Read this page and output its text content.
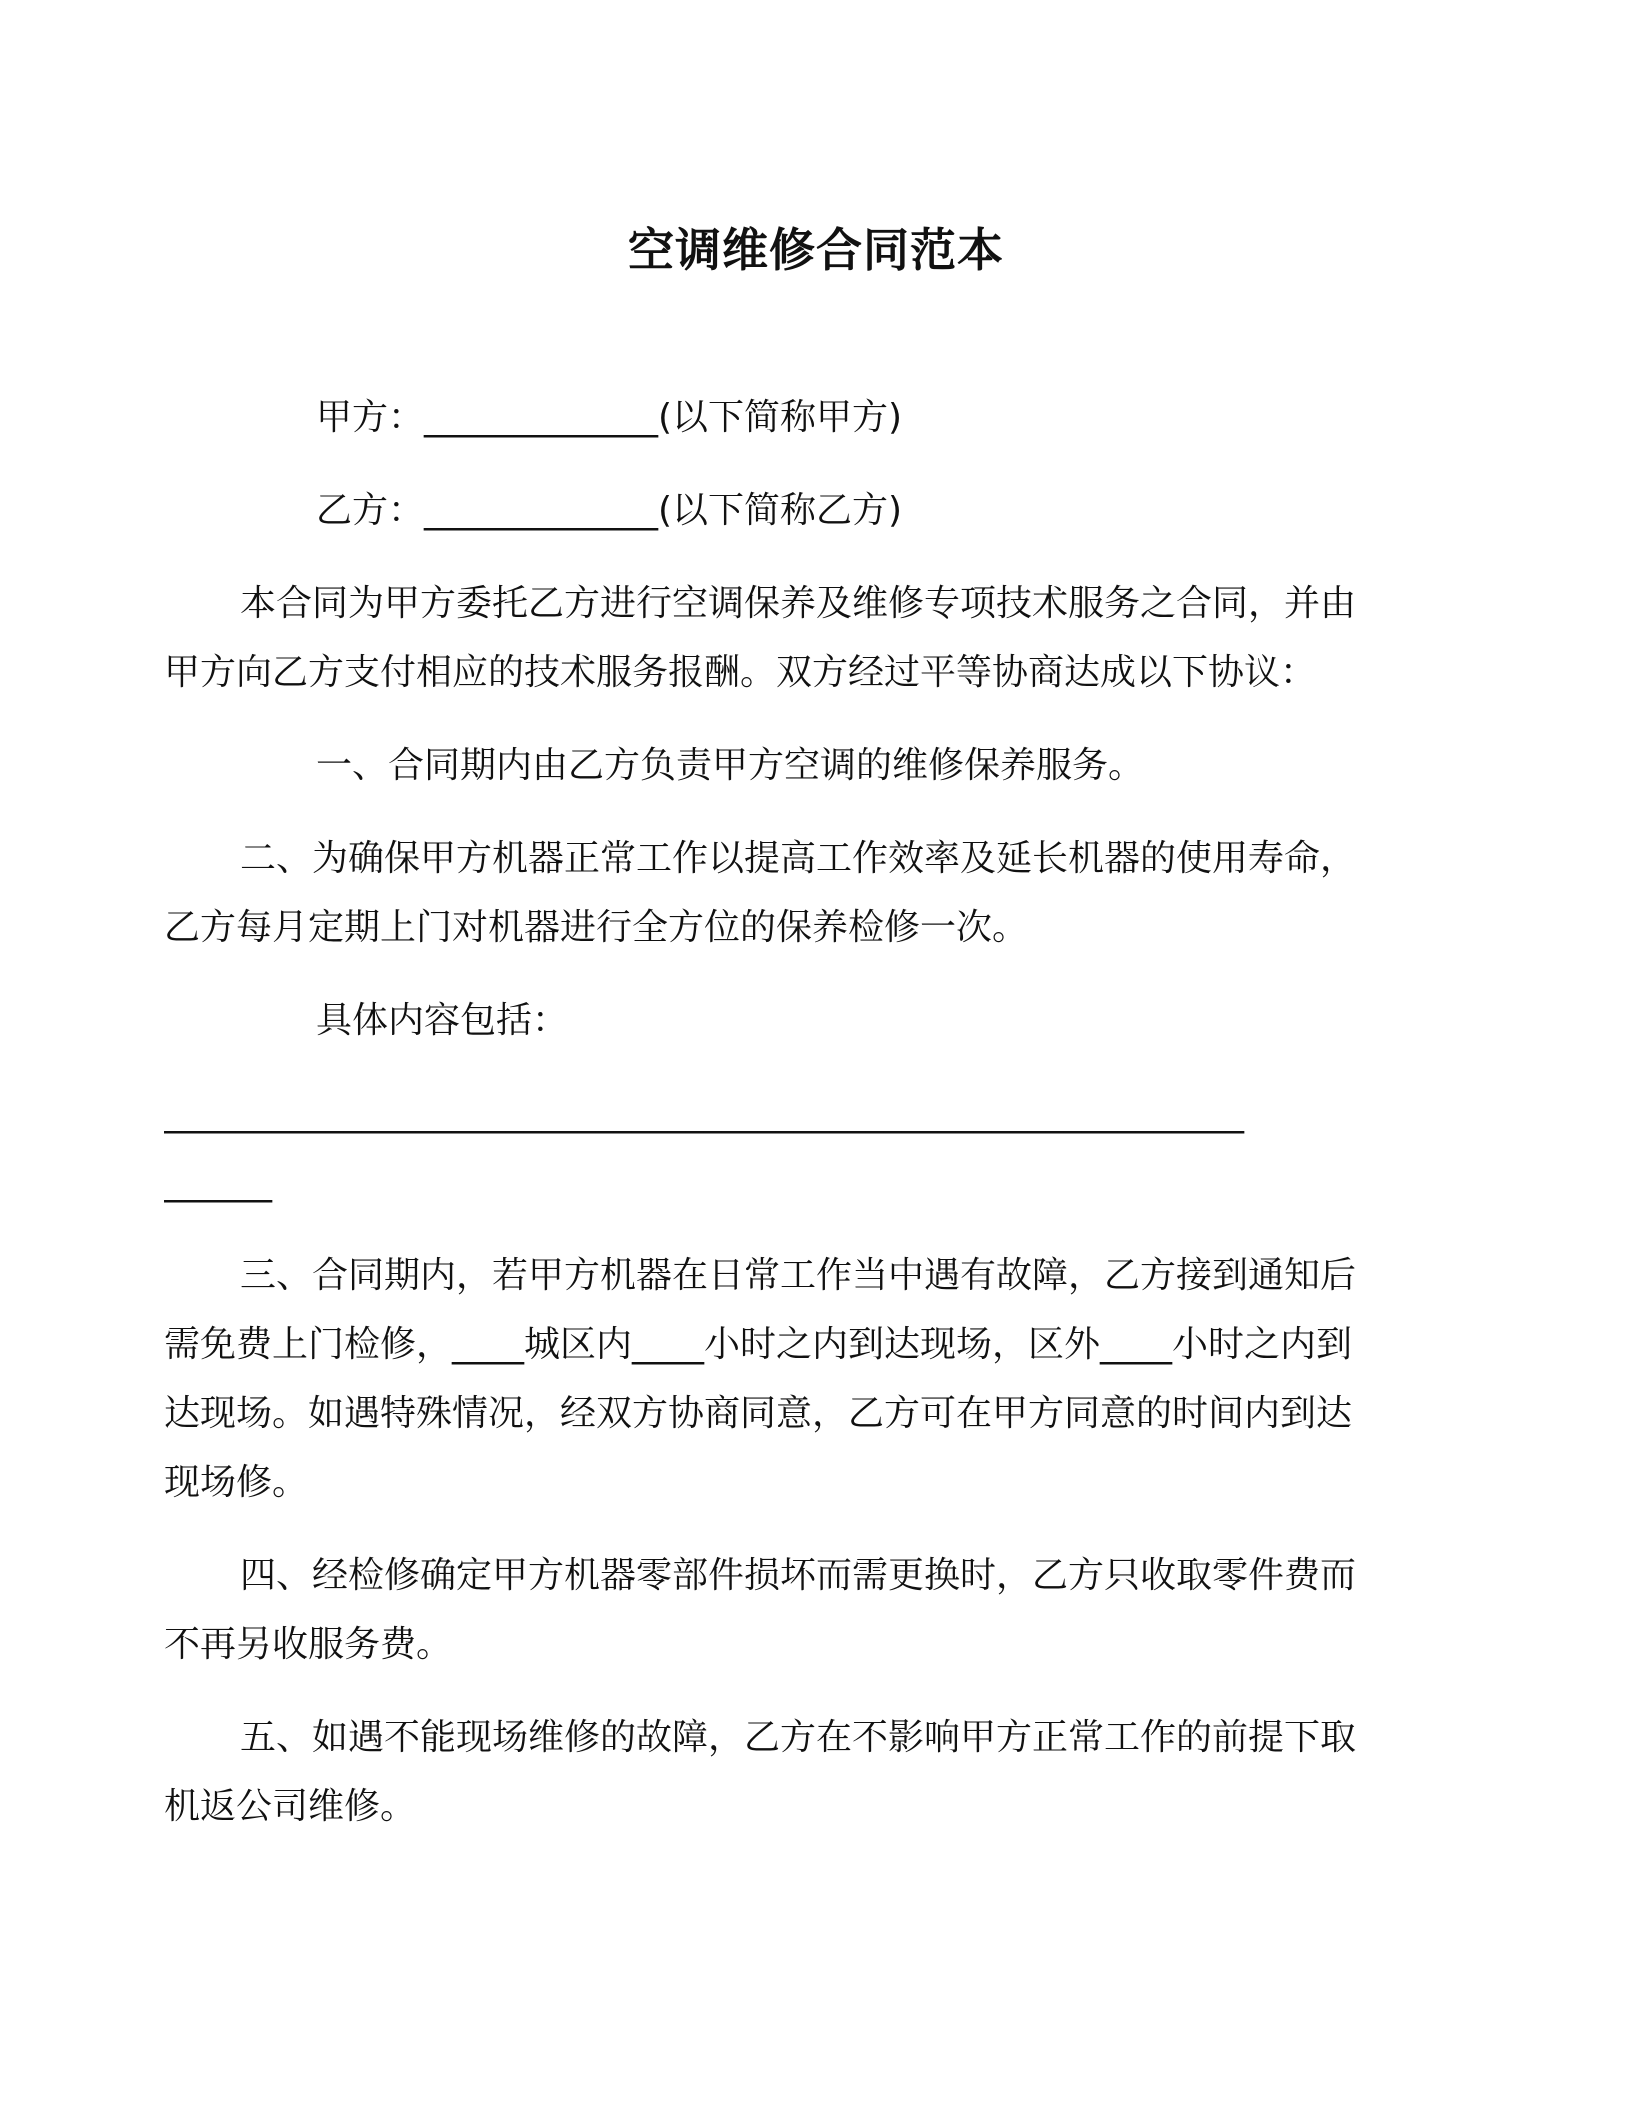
空调维修合同范本

甲方：_____________(以下简称甲方)

乙方：_____________(以下简称乙方)

本合同为甲方委托乙方进行空调保养及维修专项技术服务之合同，并由甲方向乙方支付相应的技术服务报酬。双方经过平等协商达成以下协议：

一、合同期内由乙方负责甲方空调的维修保养服务。

二、为确保甲方机器正常工作以提高工作效率及延长机器的使用寿命，乙方每月定期上门对机器进行全方位的保养检修一次。

具体内容包括：

____________________________________________________________

______

三、合同期内，若甲方机器在日常工作当中遇有故障，乙方接到通知后需免费上门检修，____城区内____小时之内到达现场，区外____小时之内到达现场。如遇特殊情况，经双方协商同意，乙方可在甲方同意的时间内到达现场修。

四、经检修确定甲方机器零部件损坏而需更换时，乙方只收取零件费而不再另收服务费。

五、如遇不能现场维修的故障，乙方在不影响甲方正常工作的前提下取机返公司维修。
